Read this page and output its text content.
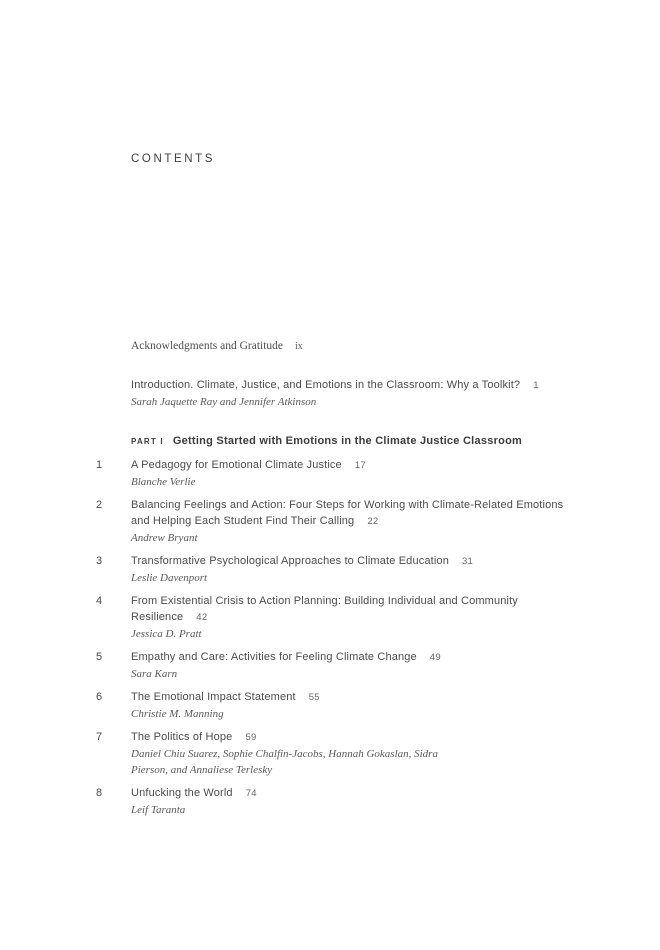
CONTENTS
Acknowledgments and Gratitude ix
Introduction. Climate, Justice, and Emotions in the Classroom: Why a Toolkit? 1
Sarah Jaquette Ray and Jennifer Atkinson
PART I Getting Started with Emotions in the Climate Justice Classroom
1	A Pedagogy for Emotional Climate Justice 17
Blanche Verlie
2	Balancing Feelings and Action: Four Steps for Working with Climate-Related Emotions
and Helping Each Student Find Their Calling 22
Andrew Bryant
3	Transformative Psychological Approaches to Climate Education 31
Leslie Davenport
4	From Existential Crisis to Action Planning: Building Individual and Community
Resilience 42
Jessica D. Pratt
5	Empathy and Care: Activities for Feeling Climate Change 49
Sara Karn
6	The Emotional Impact Statement 55
Christie M. Manning
7	The Politics of Hope 59
Daniel Chiu Suarez, Sophie Chalfin-Jacobs, Hannah Gokaslan, Sidra
Pierson, and Annaliese Terlesky
8	Unfucking the World 74
Leif Taranta
